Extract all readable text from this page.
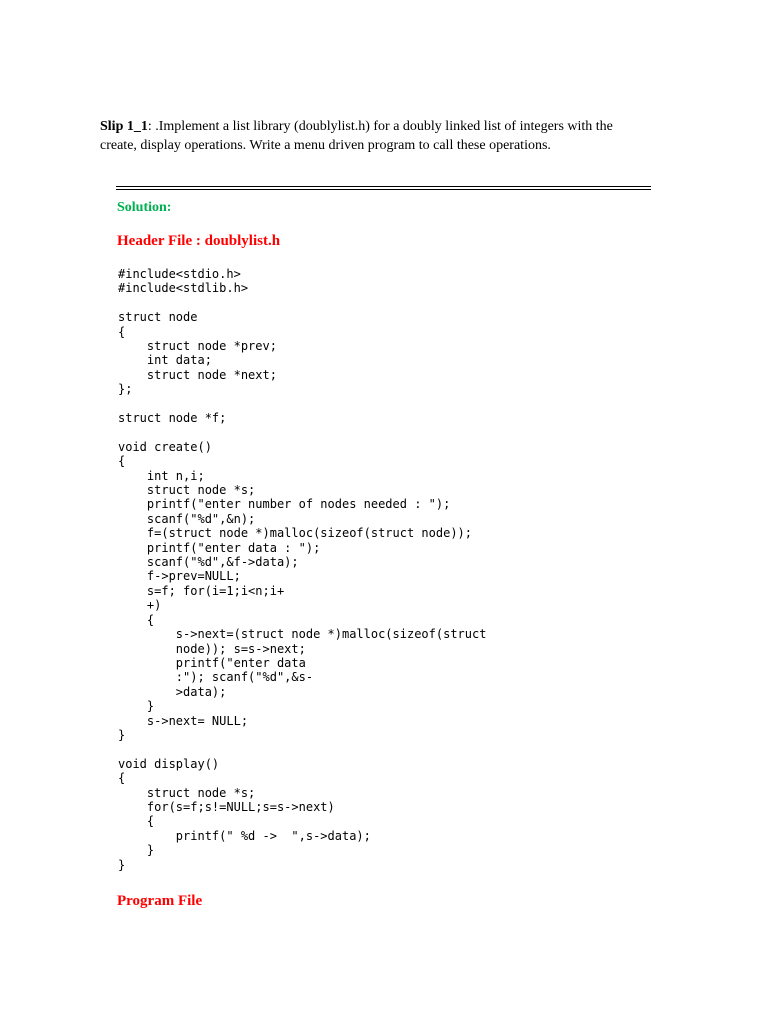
Slip 1_1: .Implement a list library (doublylist.h) for a doubly linked list of integers with the create, display operations. Write a menu driven program to call these operations.
Solution:
Header File : doublylist.h
#include<stdio.h>
#include<stdlib.h>
struct node
{
struct node *prev;
int data;
struct node *next;
};
struct node *f;
void create()
{
int n,i;
struct node *s;
printf("enter number of nodes needed : ");
scanf("%d",&n);
f=(struct node *)malloc(sizeof(struct node));
printf("enter data : ");
scanf("%d",&f->data);
f->prev=NULL;
s=f; for(i=1;i<n;i+
+)
{
s->next=(struct node *)malloc(sizeof(struct
node)); s=s->next;
printf("enter data
:"); scanf("%d",&s-
>data);
}
s->next= NULL;
}
void display()
{
struct node *s;
for(s=f;s!=NULL;s=s->next)
{
printf(" %d ->  ",s->data);
}
}
Program File
